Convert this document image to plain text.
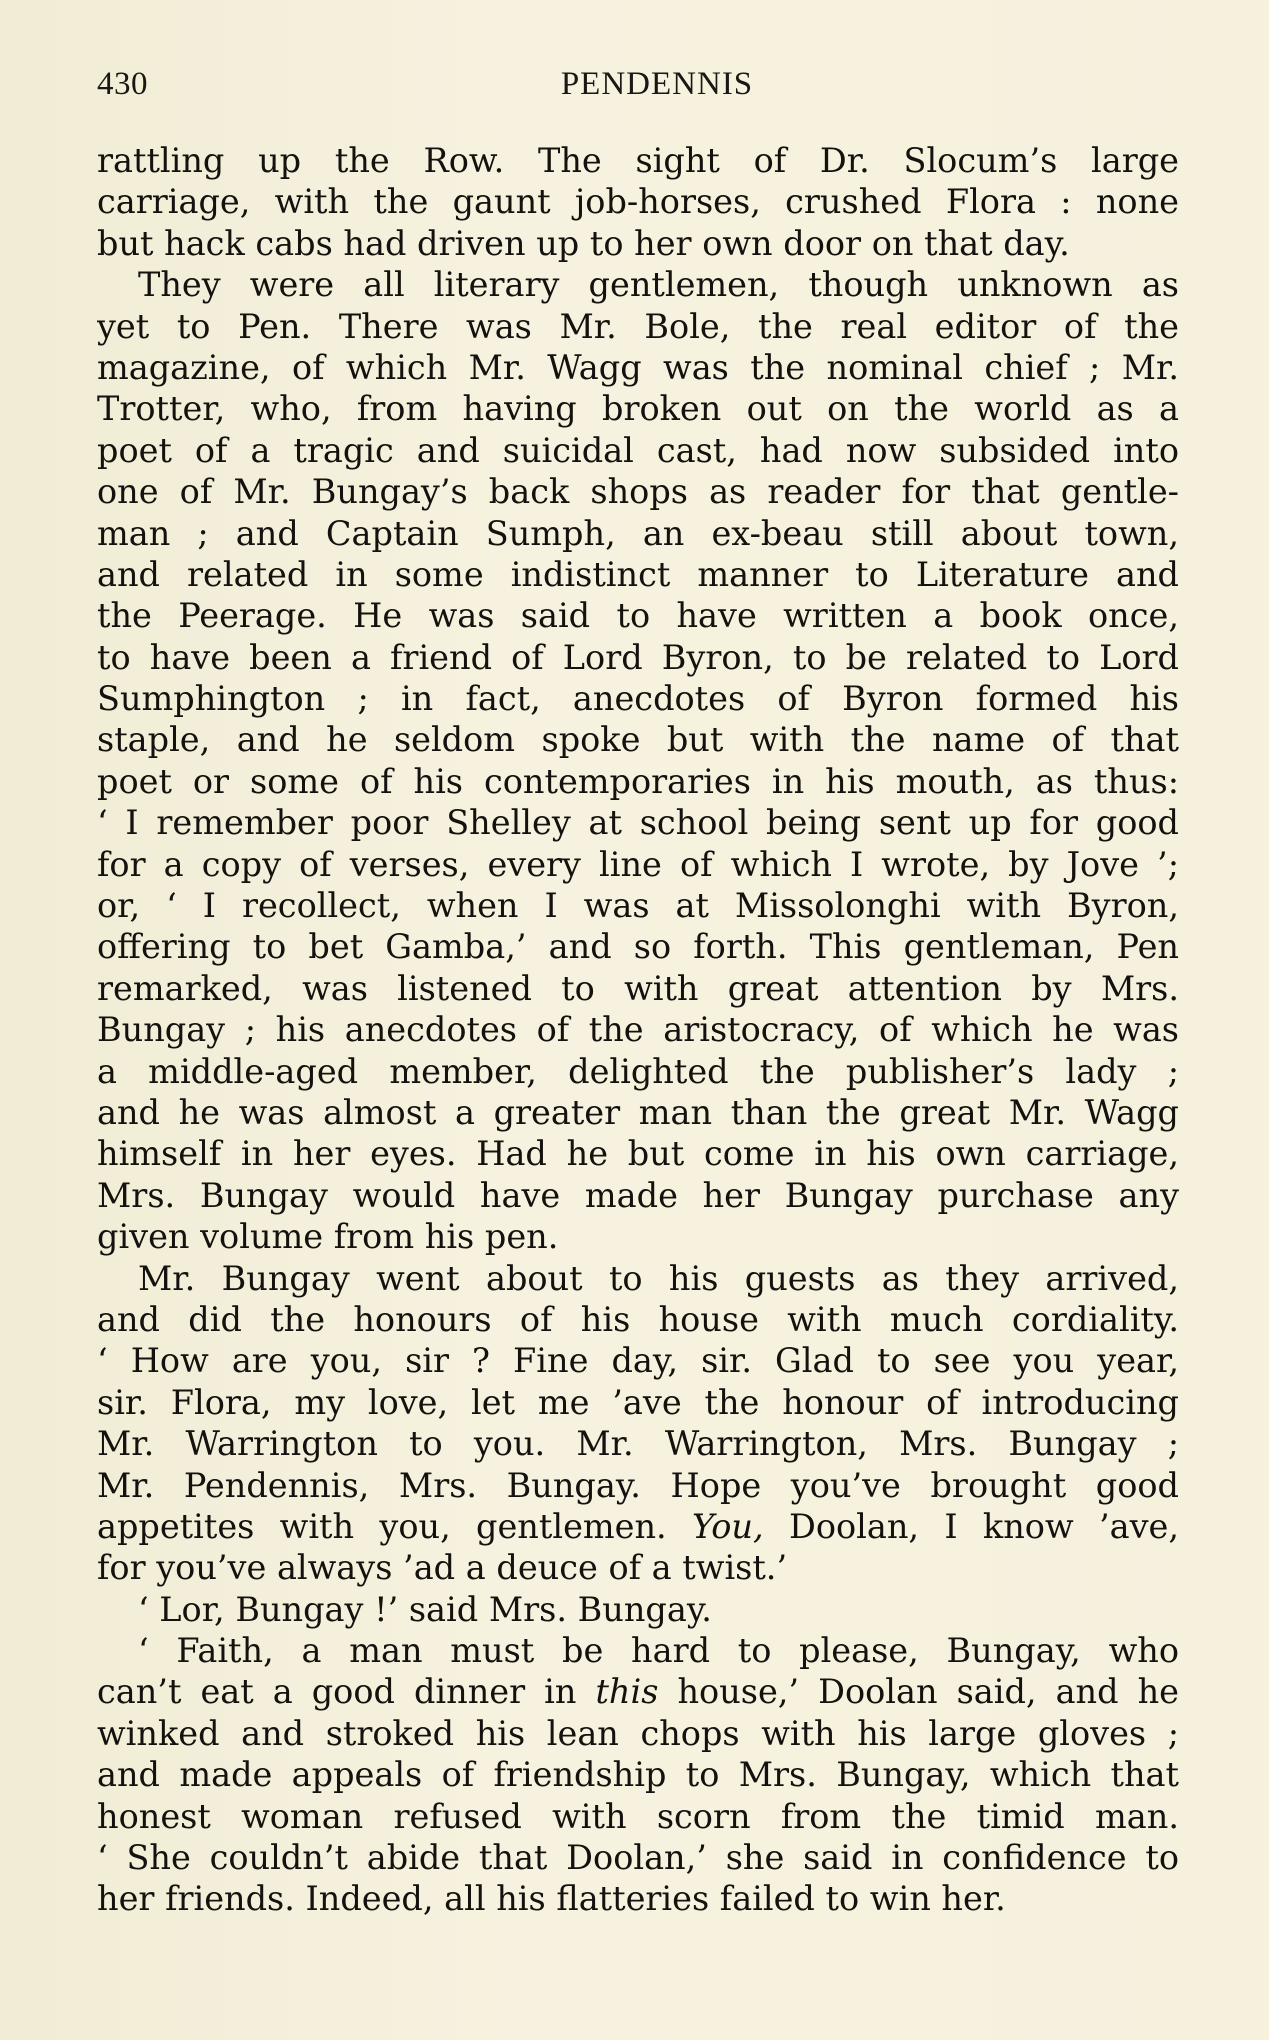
430	PENDENNIS
rattling up the Row. The sight of Dr. Slocum’s large
carriage, with the gaunt job-horses, crushed Flora : none
but hack cabs had driven up to her own door on that day.
They were all literary gentlemen, though unknown as
yet to Pen. There was Mr. Bole, the real editor of the
magazine, of which Mr. Wagg was the nominal chief ; Mr.
Trotter, who, from having broken out on the world as a
poet of a tragic and suicidal cast, had now subsided into
one of Mr. Bungay’s back shops as reader for that gentle-
man ; and Captain Sumph, an ex-beau still about town,
and related in some indistinct manner to Literature and
the Peerage. He was said to have written a book once,
to have been a friend of Lord Byron, to be related to Lord
Sumphington ; in fact, anecdotes of Byron formed his
staple, and he seldom spoke but with the name of that
poet or some of his contemporaries in his mouth, as thus:
‘ I remember poor Shelley at school being sent up for good
for a copy of verses, every line of which I wrote, by Jove ’;
or, ‘ I recollect, when I was at Missolonghi with Byron,
offering to bet Gamba,’ and so forth. This gentleman, Pen
remarked, was listened to with great attention by Mrs.
Bungay ; his anecdotes of the aristocracy, of which he was
a middle-aged member, delighted the publisher’s lady ;
and he was almost a greater man than the great Mr. Wagg
himself in her eyes. Had he but come in his own carriage,
Mrs. Bungay would have made her Bungay purchase any
given volume from his pen.
Mr. Bungay went about to his guests as they arrived,
and did the honours of his house with much cordiality.
‘ How are you, sir ? Fine day, sir. Glad to see you year,
sir. Flora, my love, let me ’ave the honour of introducing
Mr. Warrington to you. Mr. Warrington, Mrs. Bungay ;
Mr. Pendennis, Mrs. Bungay. Hope you’ve brought good
appetites with you, gentlemen. You, Doolan, I know ’ave,
for you’ve always ’ad a deuce of a twist.’
‘ Lor, Bungay !’ said Mrs. Bungay.
‘ Faith, a man must be hard to please, Bungay, who
can’t eat a good dinner in this house,’ Doolan said, and he
winked and stroked his lean chops with his large gloves ;
and made appeals of friendship to Mrs. Bungay, which that
honest woman refused with scorn from the timid man.
‘ She couldn’t abide that Doolan,’ she said in confidence to
her friends. Indeed, all his flatteries failed to win her.
